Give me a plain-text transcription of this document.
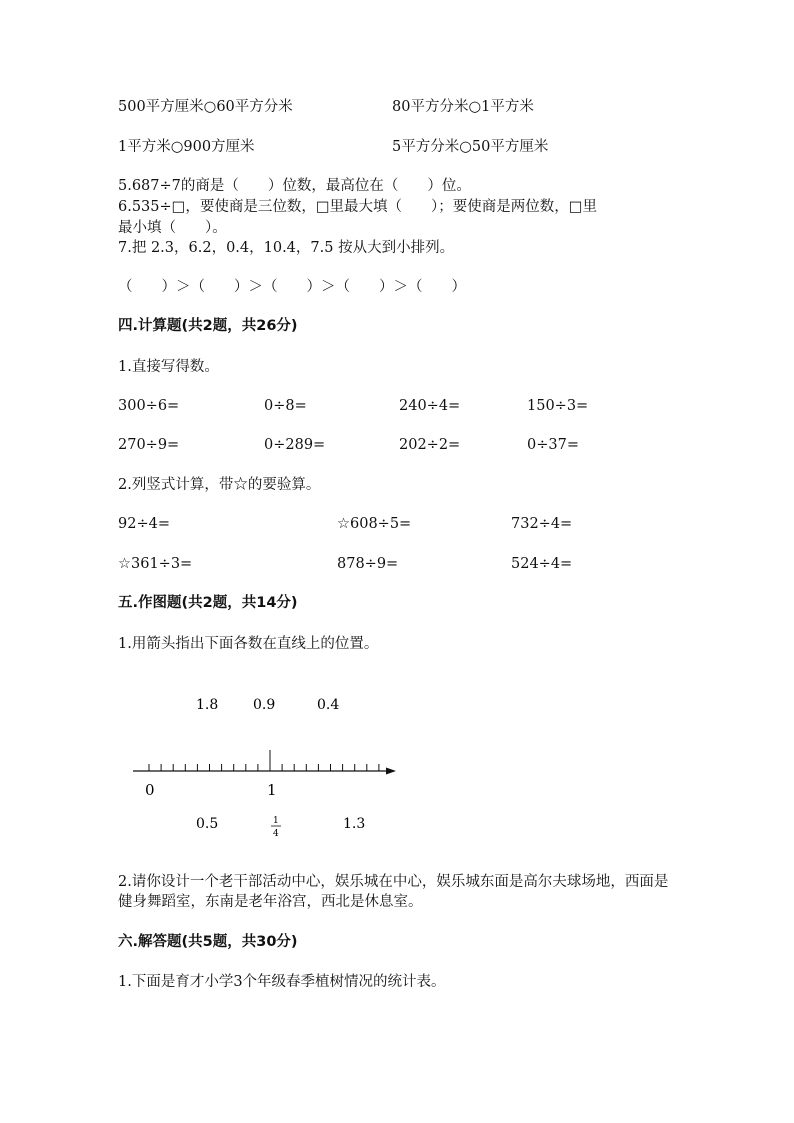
500平方厘米○60平方分米	80平方分米○1平方米
1平方米○900方厘米	5平方分米○50平方厘米
5.687÷7的商是（　　）位数，最高位在（　　）位。
6.535÷□，要使商是三位数，□里最大填（　　）；要使商是两位数，□里
最小填（　　）。
7.把 2.3，6.2，0.4，10.4，7.5 按从大到小排列。
（　　）＞（　　）＞（　　）＞（　　）＞（　　）
四.计算题(共2题，共26分)
1.直接写得数。
300÷6=	0÷8=	240÷4=	150÷3=
270÷9=	0÷289=	202÷2=	0÷37=
2.列竖式计算，带☆的要验算。
92÷4=	☆608÷5=	732÷4=
☆361÷3=	878÷9=	524÷4=
五.作图题(共2题，共14分)
1.用箭头指出下面各数在直线上的位置。
1.8 0.9	0.4
0	1
0.5	1
4
1.3
2.请你设计一个老干部活动中心，娱乐城在中心，娱乐城东面是高尔夫球场地，西面是健身舞蹈室，东南是老年浴宫，西北是休息室。
六.解答题(共5题，共30分)
1.下面是育才小学3个年级春季植树情况的统计表。
